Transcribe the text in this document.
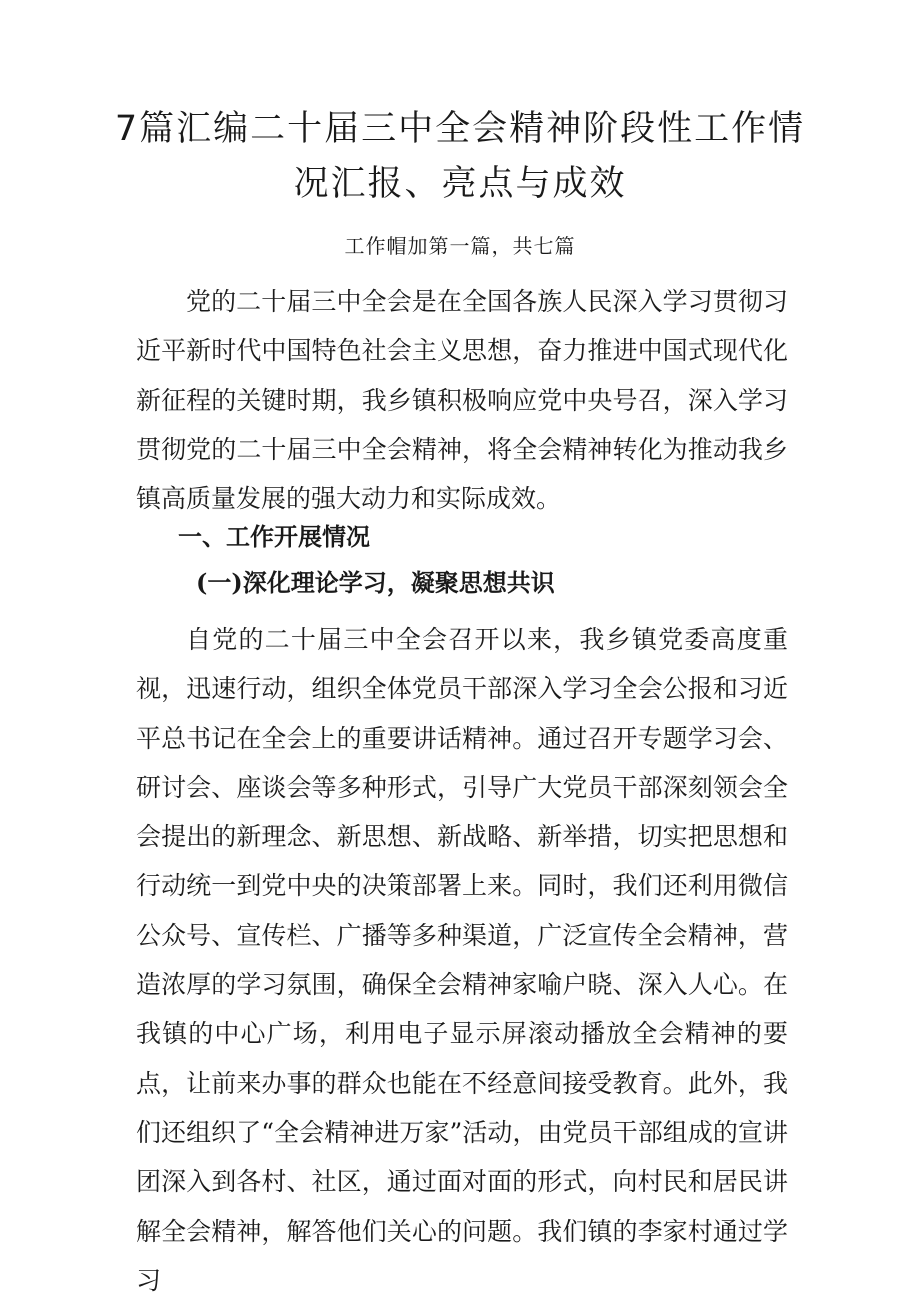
7篇汇编二十届三中全会精神阶段性工作情
况汇报、亮点与成效
工作帽加第一篇，共七篇

党的二十届三中全会是在全国各族人民深入学习贯彻习近平新时代中国特色社会主义思想，奋力推进中国式现代化新征程的关键时期，我乡镇积极响应党中央号召，深入学习贯彻党的二十届三中全会精神，将全会精神转化为推动我乡镇高质量发展的强大动力和实际成效。

一、工作开展情况
(一)深化理论学习，凝聚思想共识

自党的二十届三中全会召开以来，我乡镇党委高度重视，迅速行动，组织全体党员干部深入学习全会公报和习近平总书记在全会上的重要讲话精神。通过召开专题学习会、研讨会、座谈会等多种形式，引导广大党员干部深刻领会全会提出的新理念、新思想、新战略、新举措，切实把思想和行动统一到党中央的决策部署上来。同时，我们还利用微信公众号、宣传栏、广播等多种渠道，广泛宣传全会精神，营造浓厚的学习氛围，确保全会精神家喻户晓、深入人心。在我镇的中心广场，利用电子显示屏滚动播放全会精神的要点，让前来办事的群众也能在不经意间接受教育。此外，我们还组织了“全会精神进万家”活动，由党员干部组成的宣讲团深入到各村、社区，通过面对面的形式，向村民和居民讲解全会精神，解答他们关心的问题。我们镇的李家村通过学习
